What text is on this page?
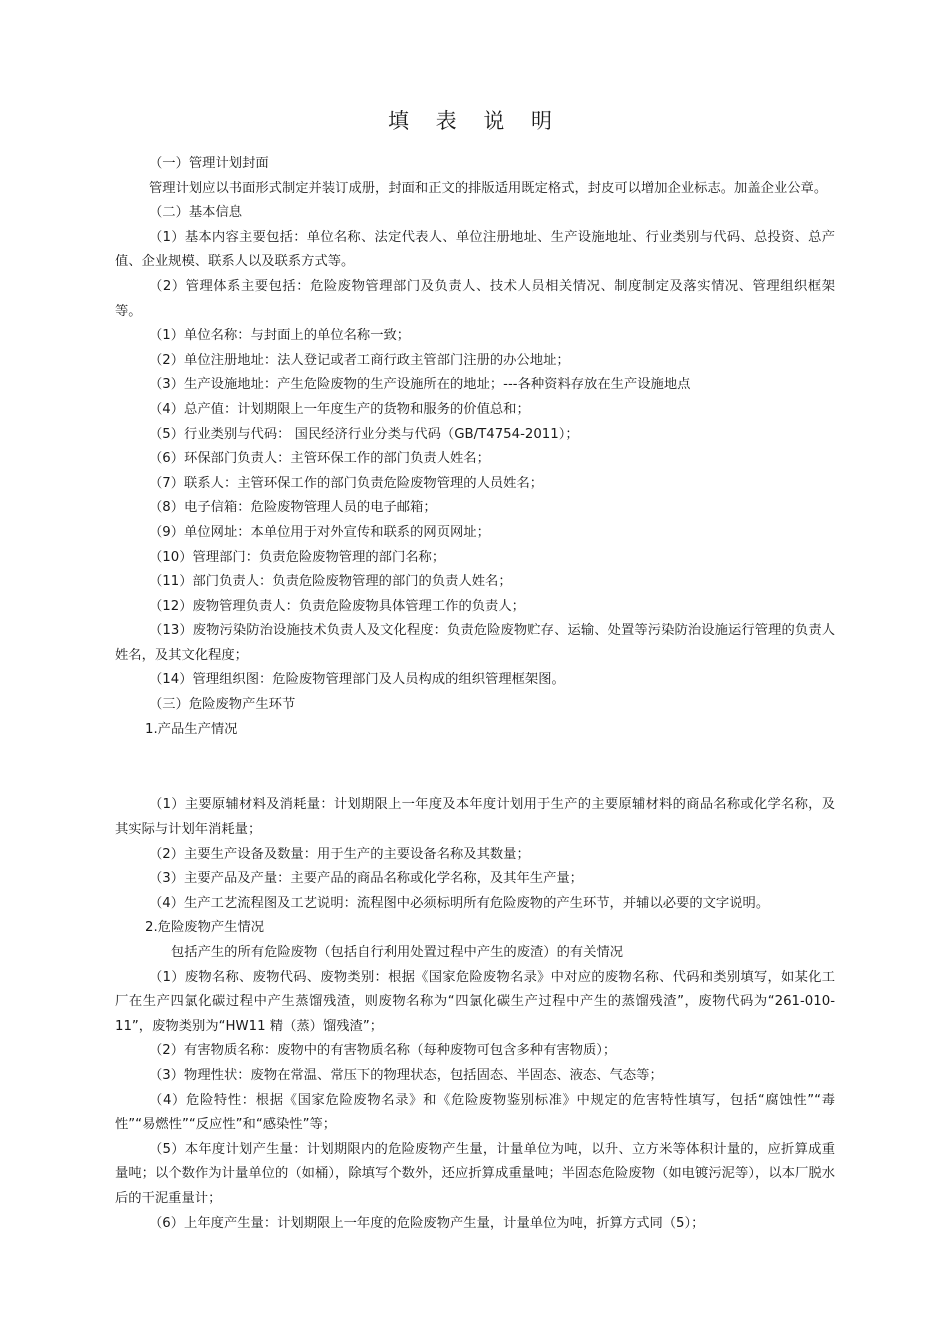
填 表 说 明

（一）管理计划封面

管理计划应以书面形式制定并装订成册，封面和正文的排版适用既定格式，封皮可以增加企业标志。加盖企业公章。

（二）基本信息

（1）基本内容主要包括：单位名称、法定代表人、单位注册地址、生产设施地址、行业类别与代码、总投资、总产值、企业规模、联系人以及联系方式等。

（2）管理体系主要包括：危险废物管理部门及负责人、技术人员相关情况、制度制定及落实情况、管理组织框架等。

（1）单位名称：与封面上的单位名称一致；

（2）单位注册地址：法人登记或者工商行政主管部门注册的办公地址；

（3）生产设施地址：产生危险废物的生产设施所在的地址；---各种资料存放在生产设施地点

（4）总产值：计划期限上一年度生产的货物和服务的价值总和；

（5）行业类别与代码： 国民经济行业分类与代码（GB/T4754-2011）；

（6）环保部门负责人：主管环保工作的部门负责人姓名；

（7）联系人：主管环保工作的部门负责危险废物管理的人员姓名；

（8）电子信箱：危险废物管理人员的电子邮箱；

（9）单位网址：本单位用于对外宣传和联系的网页网址；

（10）管理部门：负责危险废物管理的部门名称；

（11）部门负责人：负责危险废物管理的部门的负责人姓名；

（12）废物管理负责人：负责危险废物具体管理工作的负责人；

（13）废物污染防治设施技术负责人及文化程度：负责危险废物贮存、运输、处置等污染防治设施运行管理的负责人姓名，及其文化程度；

（14）管理组织图：危险废物管理部门及人员构成的组织管理框架图。

（三）危险废物产生环节

1.产品生产情况

（1）主要原辅材料及消耗量：计划期限上一年度及本年度计划用于生产的主要原辅材料的商品名称或化学名称，及其实际与计划年消耗量；

（2）主要生产设备及数量：用于生产的主要设备名称及其数量；

（3）主要产品及产量：主要产品的商品名称或化学名称，及其年生产量；

（4）生产工艺流程图及工艺说明：流程图中必须标明所有危险废物的产生环节，并辅以必要的文字说明。

2.危险废物产生情况

包括产生的所有危险废物（包括自行利用处置过程中产生的废渣）的有关情况

（1）废物名称、废物代码、废物类别：根据《国家危险废物名录》中对应的废物名称、代码和类别填写，如某化工厂在生产四氯化碳过程中产生蒸馏残渣，则废物名称为“四氯化碳生产过程中产生的蒸馏残渣”，废物代码为“261-010-11”，废物类别为“HW11 精（蒸）馏残渣”；

（2）有害物质名称：废物中的有害物质名称（每种废物可包含多种有害物质）；

（3）物理性状：废物在常温、常压下的物理状态，包括固态、半固态、液态、气态等；

（4）危险特性：根据《国家危险废物名录》和《危险废物鉴别标准》中规定的危害特性填写，包括“腐蚀性”“毒性”“易燃性”“反应性”和“感染性”等；

（5）本年度计划产生量：计划期限内的危险废物产生量，计量单位为吨，以升、立方米等体积计量的，应折算成重量吨；以个数作为计量单位的（如桶），除填写个数外，还应折算成重量吨；半固态危险废物（如电镀污泥等），以本厂脱水后的干泥重量计；

（6）上年度产生量：计划期限上一年度的危险废物产生量，计量单位为吨，折算方式同（5）；
